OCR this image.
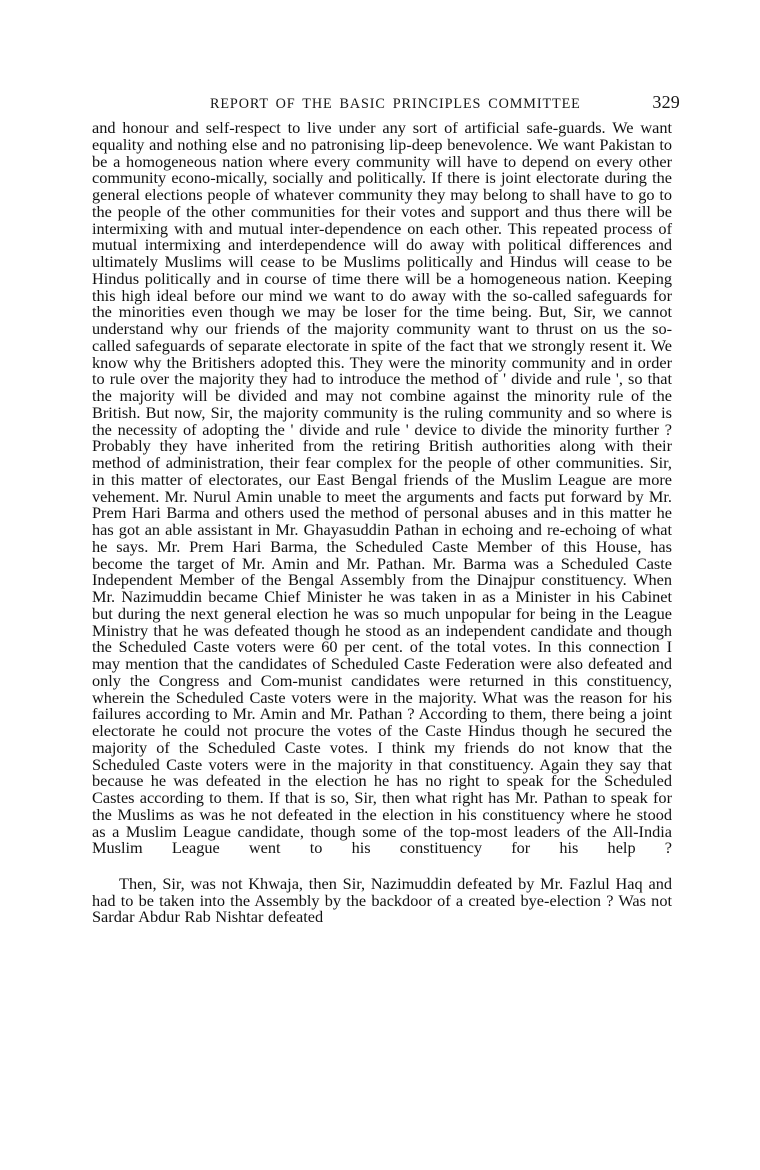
REPORT OF THE BASIC PRINCIPLES COMMITTEE	329

and honour and self-respect to live under any sort of artificial safe-guards. We want equality and nothing else and no patronising lip-deep benevolence. We want Pakistan to be a homogeneous nation where every community will have to depend on every other community econo-mically, socially and politically. If there is joint electorate during the general elections people of whatever community they may belong to shall have to go to the people of the other communities for their votes and support and thus there will be intermixing with and mutual inter-dependence on each other. This repeated process of mutual intermixing and interdependence will do away with political differences and ultimately Muslims will cease to be Muslims politically and Hindus will cease to be Hindus politically and in course of time there will be a homogeneous nation. Keeping this high ideal before our mind we want to do away with the so-called safeguards for the minorities even though we may be loser for the time being. But, Sir, we cannot understand why our friends of the majority community want to thrust on us the so-called safeguards of separate electorate in spite of the fact that we strongly resent it. We know why the Britishers adopted this. They were the minority community and in order to rule over the majority they had to introduce the method of ' divide and rule ', so that the majority will be divided and may not combine against the minority rule of the British. But now, Sir, the majority community is the ruling community and so where is the necessity of adopting the ' divide and rule ' device to divide the minority further ? Probably they have inherited from the retiring British authorities along with their method of administration, their fear complex for the people of other communities. Sir, in this matter of electorates, our East Bengal friends of the Muslim League are more vehement. Mr. Nurul Amin unable to meet the arguments and facts put forward by Mr. Prem Hari Barma and others used the method of personal abuses and in this matter he has got an able assistant in Mr. Ghayasuddin Pathan in echoing and re-echoing of what he says. Mr. Prem Hari Barma, the Scheduled Caste Member of this House, has become the target of Mr. Amin and Mr. Pathan. Mr. Barma was a Scheduled Caste Independent Member of the Bengal Assembly from the Dinajpur constituency. When Mr. Nazimuddin became Chief Minister he was taken in as a Minister in his Cabinet but during the next general election he was so much unpopular for being in the League Ministry that he was defeated though he stood as an independent candidate and though the Scheduled Caste voters were 60 per cent. of the total votes. In this connection I may mention that the candidates of Scheduled Caste Federation were also defeated and only the Congress and Com-munist candidates were returned in this constituency, wherein the Scheduled Caste voters were in the majority. What was the reason for his failures according to Mr. Amin and Mr. Pathan ? According to them, there being a joint electorate he could not procure the votes of the Caste Hindus though he secured the majority of the Scheduled Caste votes. I think my friends do not know that the Scheduled Caste voters were in the majority in that constituency. Again they say that because he was defeated in the election he has no right to speak for the Scheduled Castes according to them. If that is so, Sir, then what right has Mr. Pathan to speak for the Muslims as was he not defeated in the election in his constituency where he stood as a Muslim League candidate, though some of the top-most leaders of the All-India Muslim League went to his constituency for his help ?

Then, Sir, was not Khwaja, then Sir, Nazimuddin defeated by Mr. Fazlul Haq and had to be taken into the Assembly by the backdoor of a created bye-election ? Was not Sardar Abdur Rab Nishtar defeated
